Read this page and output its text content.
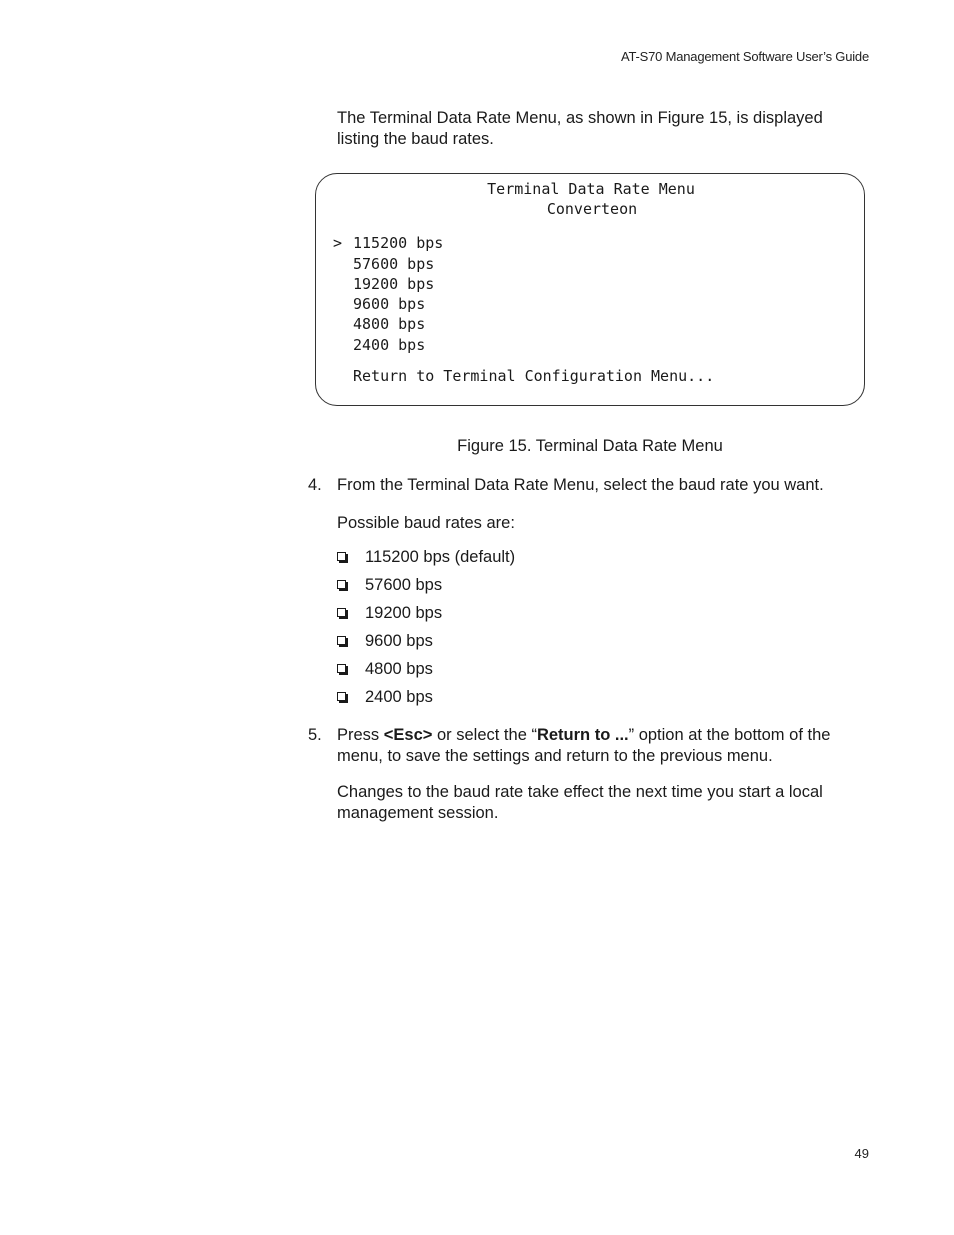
AT-S70 Management Software User’s Guide
The Terminal Data Rate Menu, as shown in Figure 15, is displayed listing the baud rates.
Terminal Data Rate Menu
Converteon
> 115200 bps
57600 bps
19200 bps
9600 bps
4800 bps
2400 bps
Return to Terminal Configuration Menu...
Figure 15. Terminal Data Rate Menu
4. From the Terminal Data Rate Menu, select the baud rate you want.
Possible baud rates are:
115200 bps (default)
57600 bps
19200 bps
9600 bps
4800 bps
2400 bps
5. Press <Esc> or select the “Return to ...” option at the bottom of the menu, to save the settings and return to the previous menu.
Changes to the baud rate take effect the next time you start a local management session.
49
